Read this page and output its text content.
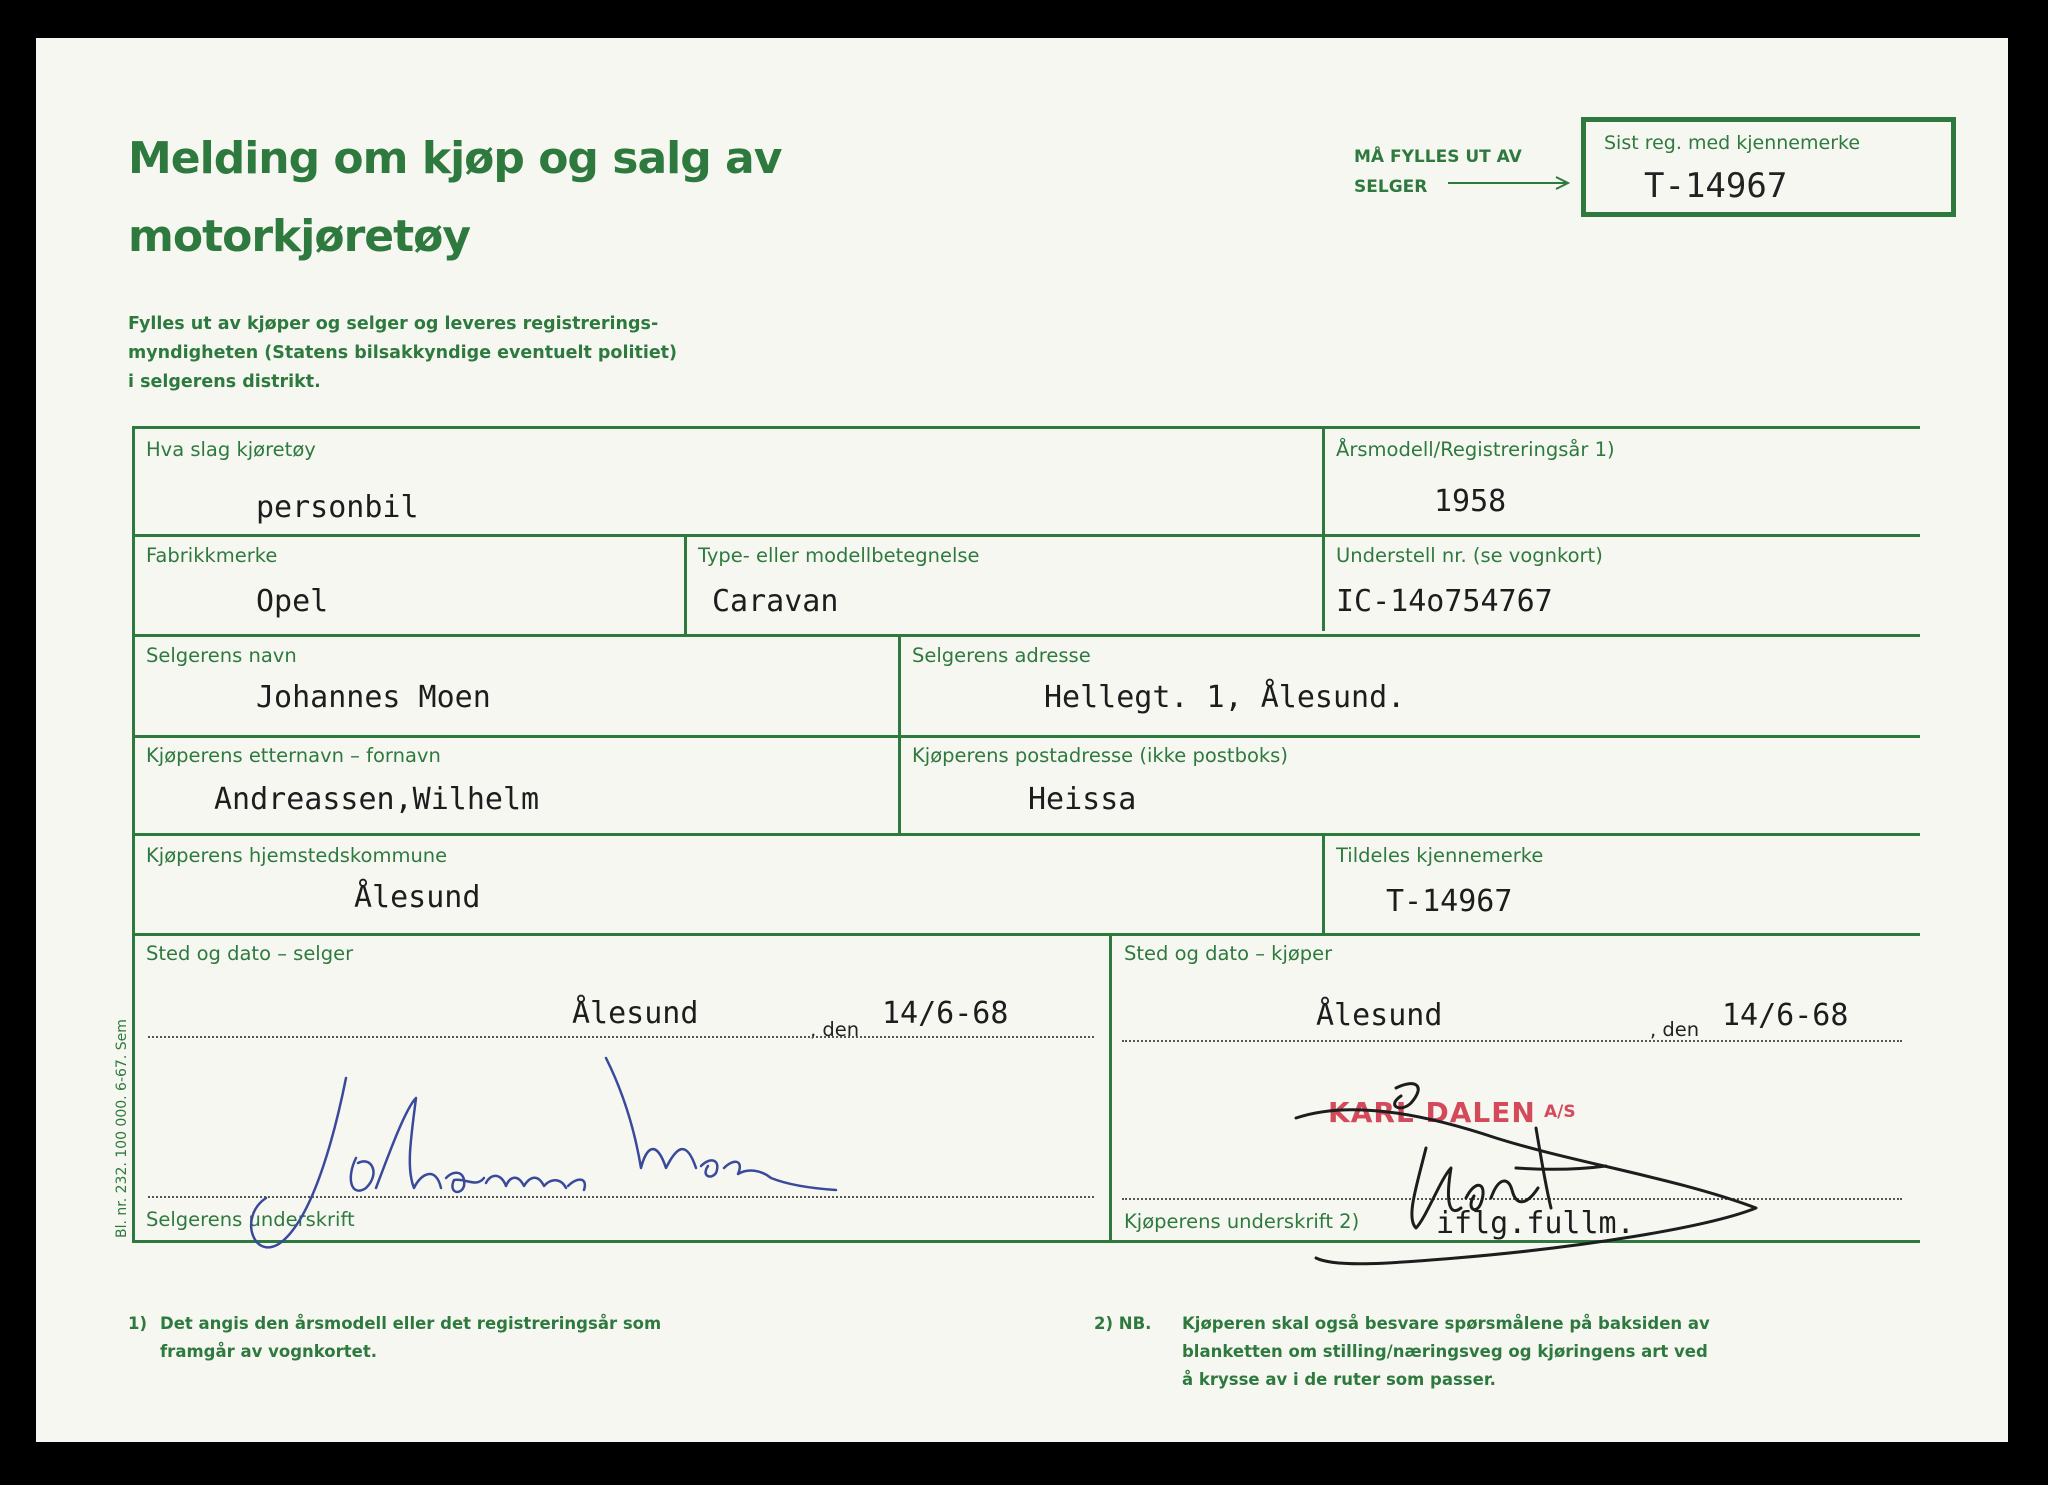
Melding om kjøp og salg av
motorkjøretøy

Fylles ut av kjøper og selger og leveres registrerings-
myndigheten (Statens bilsakkyndige eventuelt politiet)
i selgerens distrikt.

MÅ FYLLES UT AV
SELGER
Sist reg. med kjennemerke
T-14967
Hva slag kjøretøy
personbil
Årsmodell/Registreringsår 1)
1958
Fabrikkmerke
Opel
Type- eller modellbetegnelse
Caravan
Understell nr. (se vognkort)
IC-14o754767
Selgerens navn
Johannes Moen
Selgerens adresse
Hellegt. 1, Ålesund.
Kjøperens etternavn – fornavn
Andreassen,Wilhelm
Kjøperens postadresse (ikke postboks)
Heissa
Kjøperens hjemstedskommune
Ålesund
Tildeles kjennemerke
T-14967
Sted og dato – selger
Ålesund	, den 14/6-68
Sted og dato – kjøper
Ålesund	, den 14/6-68
Selgerens underskrift	Kjøperens underskrift 2)	iflg.fullm.
KARL DALEN A/S
Bl. nr. 232. 100 000. 6-67. Sem
1) Det angis den årsmodell eller det registreringsår som
framgår av vognkortet.
2) NB. Kjøperen skal også besvare spørsmålene på baksiden av
blanketten om stilling/næringsveg og kjøringens art ved
å krysse av i de ruter som passer.
